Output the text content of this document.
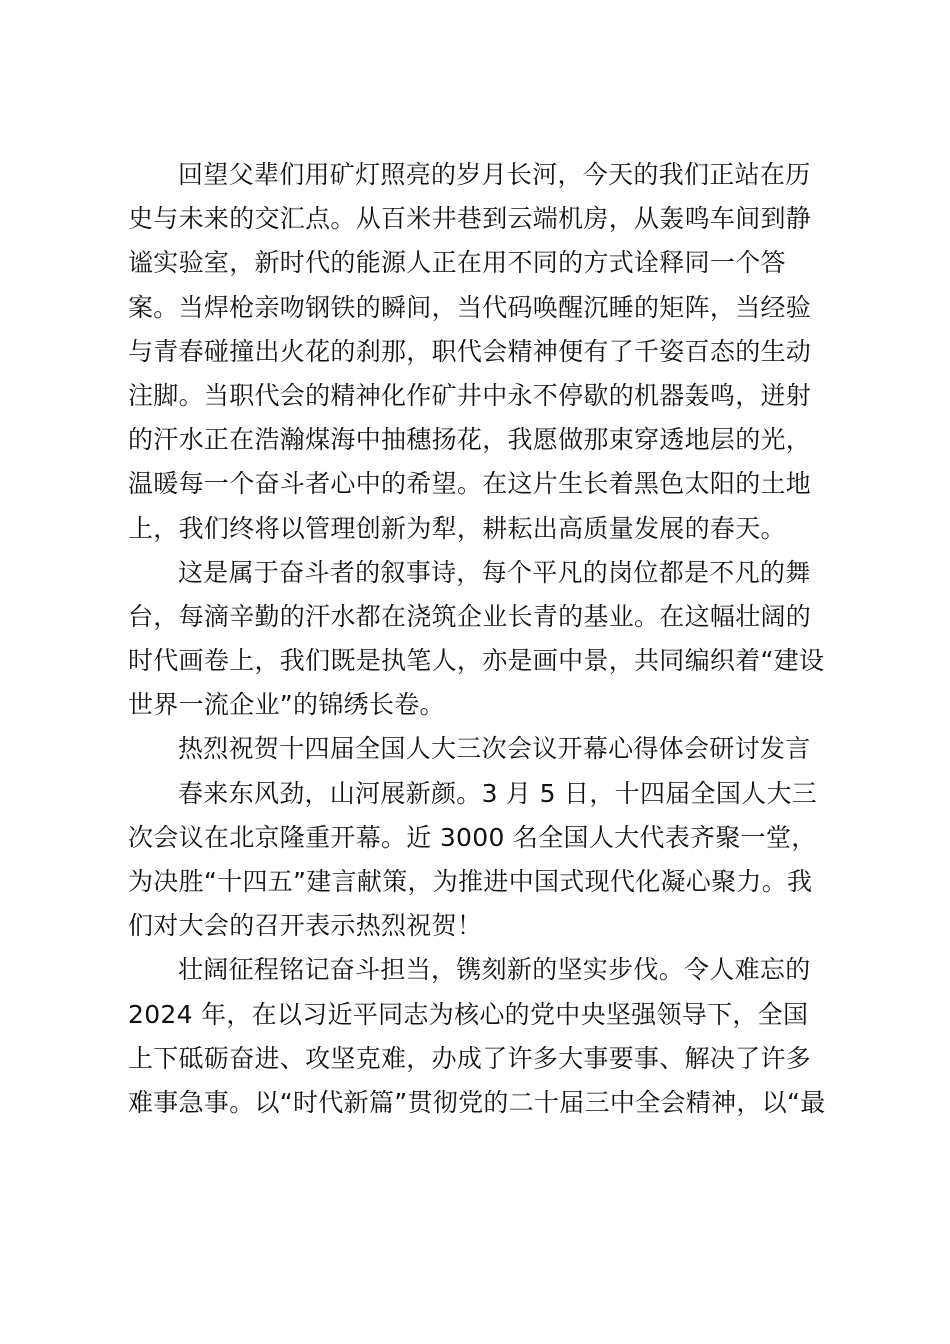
回望父辈们用矿灯照亮的岁月长河，今天的我们正站在历
史与未来的交汇点。从百米井巷到云端机房，从轰鸣车间到静
谧实验室，新时代的能源人正在用不同的方式诠释同一个答
案。当焊枪亲吻钢铁的瞬间，当代码唤醒沉睡的矩阵，当经验
与青春碰撞出火花的刹那，职代会精神便有了千姿百态的生动
注脚。当职代会的精神化作矿井中永不停歇的机器轰鸣，迸射
的汗水正在浩瀚煤海中抽穗扬花，我愿做那束穿透地层的光，
温暖每一个奋斗者心中的希望。在这片生长着黑色太阳的土地
上，我们终将以管理创新为犁，耕耘出高质量发展的春天。
这是属于奋斗者的叙事诗，每个平凡的岗位都是不凡的舞
台，每滴辛勤的汗水都在浇筑企业长青的基业。在这幅壮阔的
时代画卷上，我们既是执笔人，亦是画中景，共同编织着“建设
世界一流企业”的锦绣长卷。
热烈祝贺十四届全国人大三次会议开幕心得体会研讨发言
春来东风劲，山河展新颜。3 月 5 日，十四届全国人大三
次会议在北京隆重开幕。近 3000 名全国人大代表齐聚一堂，
为决胜“十四五”建言献策，为推进中国式现代化凝心聚力。我
们对大会的召开表示热烈祝贺！
壮阔征程铭记奋斗担当，镌刻新的坚实步伐。令人难忘的
2024 年，在以习近平同志为核心的党中央坚强领导下，全国
上下砥砺奋进、攻坚克难，办成了许多大事要事、解决了许多
难事急事。以“时代新篇”贯彻党的二十届三中全会精神，以“最
